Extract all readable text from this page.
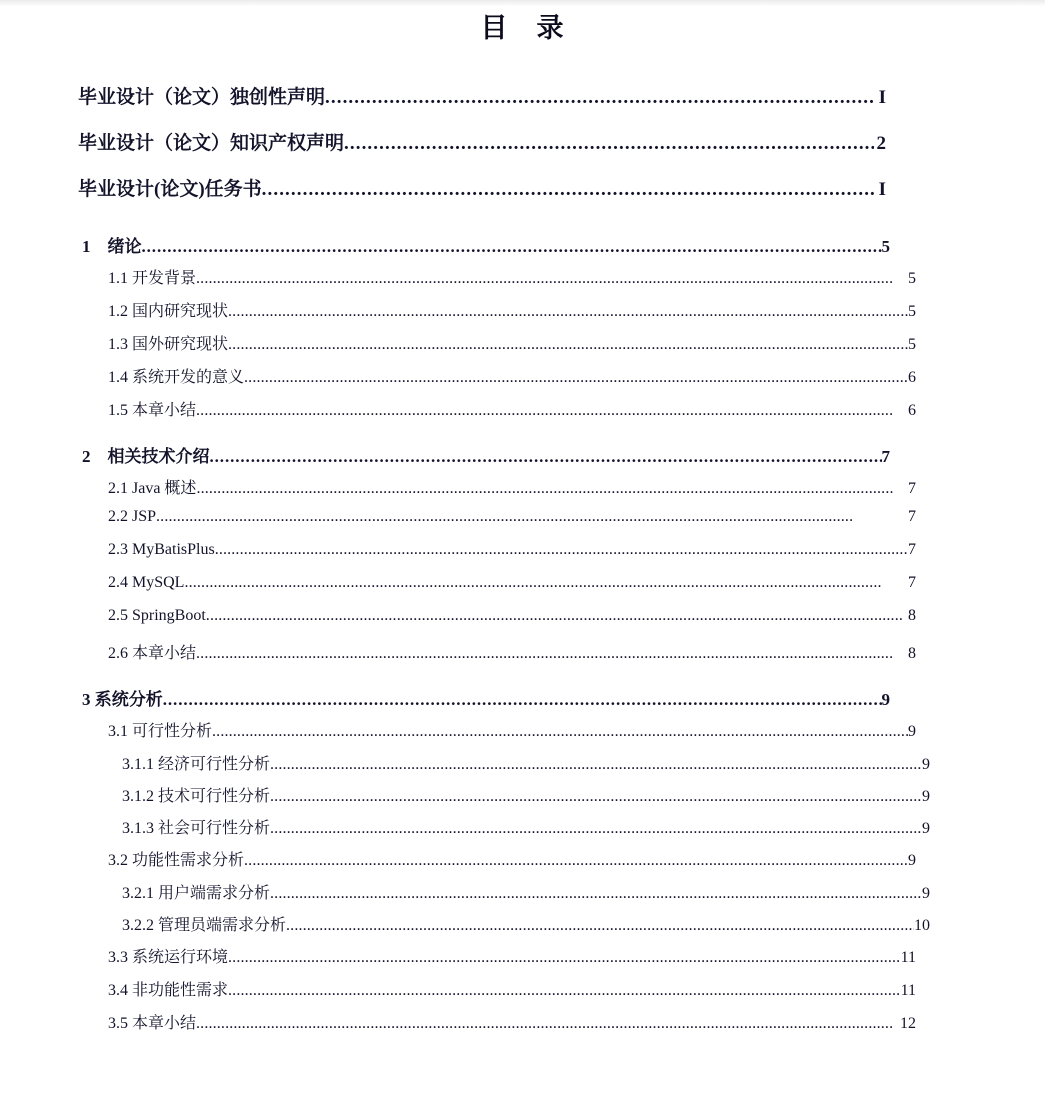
目　录
毕业设计（论文）独创性声明 .....	I
毕业设计（论文）知识产权声明 .....	2
毕业设计(论文)任务书 .....	I
1　绪论 .....	5
1.1 开发背景 .....	5
1.2 国内研究现状 .....	5
1.3 国外研究现状 .....	5
1.4 系统开发的意义 .....	6
1.5 本章小结 .....	6
2　相关技术介绍 .....	7
2.1 Java 概述 .....	7
2.2 JSP .....	7
2.3 MyBatisPlus .....	7
2.4 MySQL .....	7
2.5 SpringBoot .....	8
2.6 本章小结 .....	8
3 系统分析 .....	9
3.1 可行性分析 .....	9
3.1.1 经济可行性分析 .....	9
3.1.2 技术可行性分析 .....	9
3.1.3 社会可行性分析 .....	9
3.2 功能性需求分析 .....	9
3.2.1 用户端需求分析 .....	9
3.2.2 管理员端需求分析 .....	10
3.3 系统运行环境 .....	11
3.4 非功能性需求 .....	11
3.5 本章小结 .....	12
